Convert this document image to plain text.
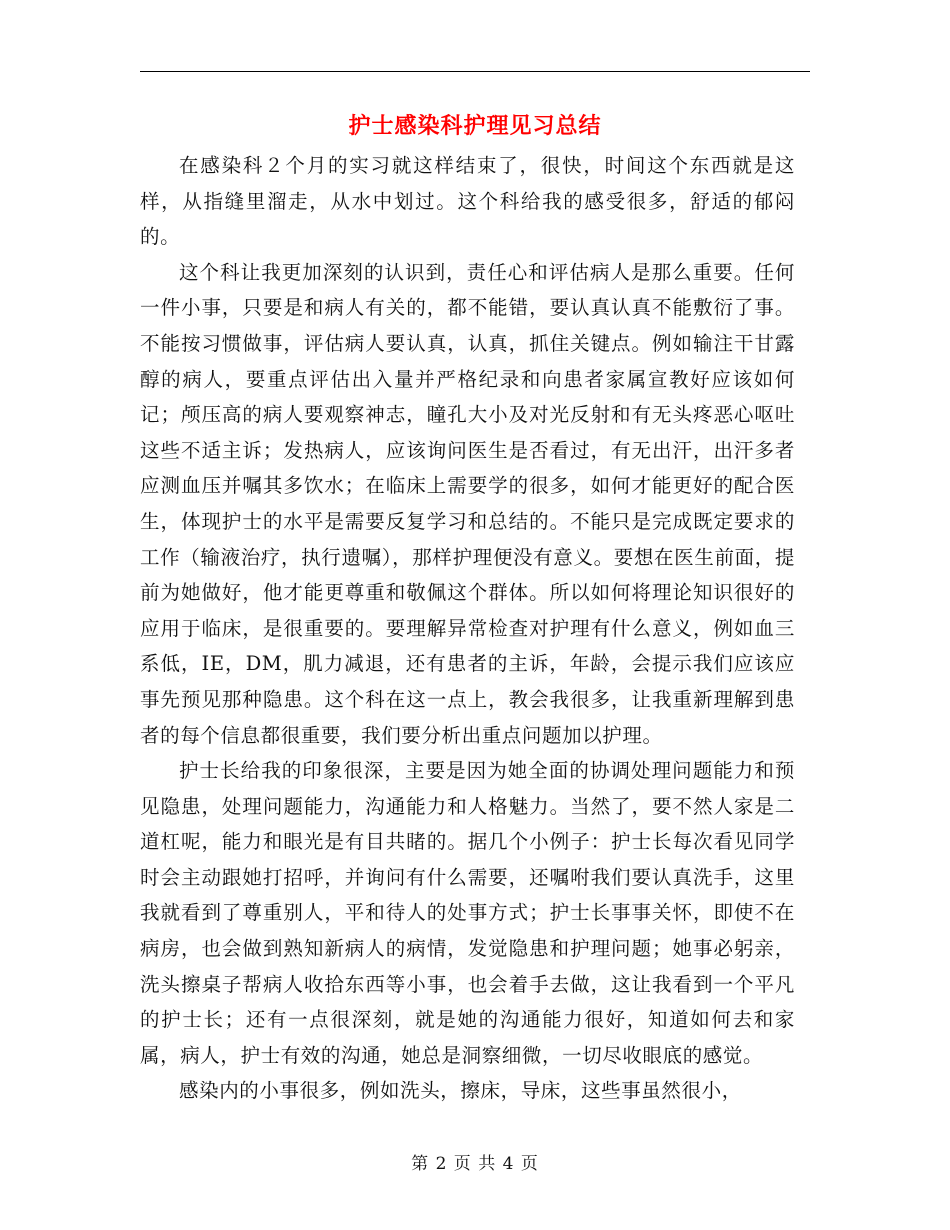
护士感染科护理见习总结

在感染科２个月的实习就这样结束了，很快，时间这个东西就是这样，从指缝里溜走，从水中划过。这个科给我的感受很多，舒适的郁闷的。

这个科让我更加深刻的认识到，责任心和评估病人是那么重要。任何一件小事，只要是和病人有关的，都不能错，要认真认真不能敷衍了事。不能按习惯做事，评估病人要认真，认真，抓住关键点。例如输注干甘露醇的病人，要重点评估出入量并严格纪录和向患者家属宣教好应该如何记；颅压高的病人要观察神志，瞳孔大小及对光反射和有无头疼恶心呕吐这些不适主诉；发热病人，应该询问医生是否看过，有无出汗，出汗多者应测血压并嘱其多饮水；在临床上需要学的很多，如何才能更好的配合医生，体现护士的水平是需要反复学习和总结的。不能只是完成既定要求的工作（输液治疗，执行遗嘱），那样护理便没有意义。要想在医生前面，提前为她做好，他才能更尊重和敬佩这个群体。所以如何将理论知识很好的应用于临床，是很重要的。要理解异常检查对护理有什么意义，例如血三系低，IE，DM，肌力减退，还有患者的主诉，年龄，会提示我们应该应事先预见那种隐患。这个科在这一点上，教会我很多，让我重新理解到患者的每个信息都很重要，我们要分析出重点问题加以护理。

护士长给我的印象很深，主要是因为她全面的协调处理问题能力和预见隐患，处理问题能力，沟通能力和人格魅力。当然了，要不然人家是二道杠呢，能力和眼光是有目共睹的。据几个小例子：护士长每次看见同学时会主动跟她打招呼，并询问有什么需要，还嘱咐我们要认真洗手，这里我就看到了尊重别人，平和待人的处事方式；护士长事事关怀，即使不在病房，也会做到熟知新病人的病情，发觉隐患和护理问题；她事必躬亲，洗头擦桌子帮病人收拾东西等小事，也会着手去做，这让我看到一个平凡的护士长；还有一点很深刻，就是她的沟通能力很好，知道如何去和家属，病人，护士有效的沟通，她总是洞察细微，一切尽收眼底的感觉。

感染内的小事很多，例如洗头，擦床，导床，这些事虽然很小，

第 2 页 共 4 页
